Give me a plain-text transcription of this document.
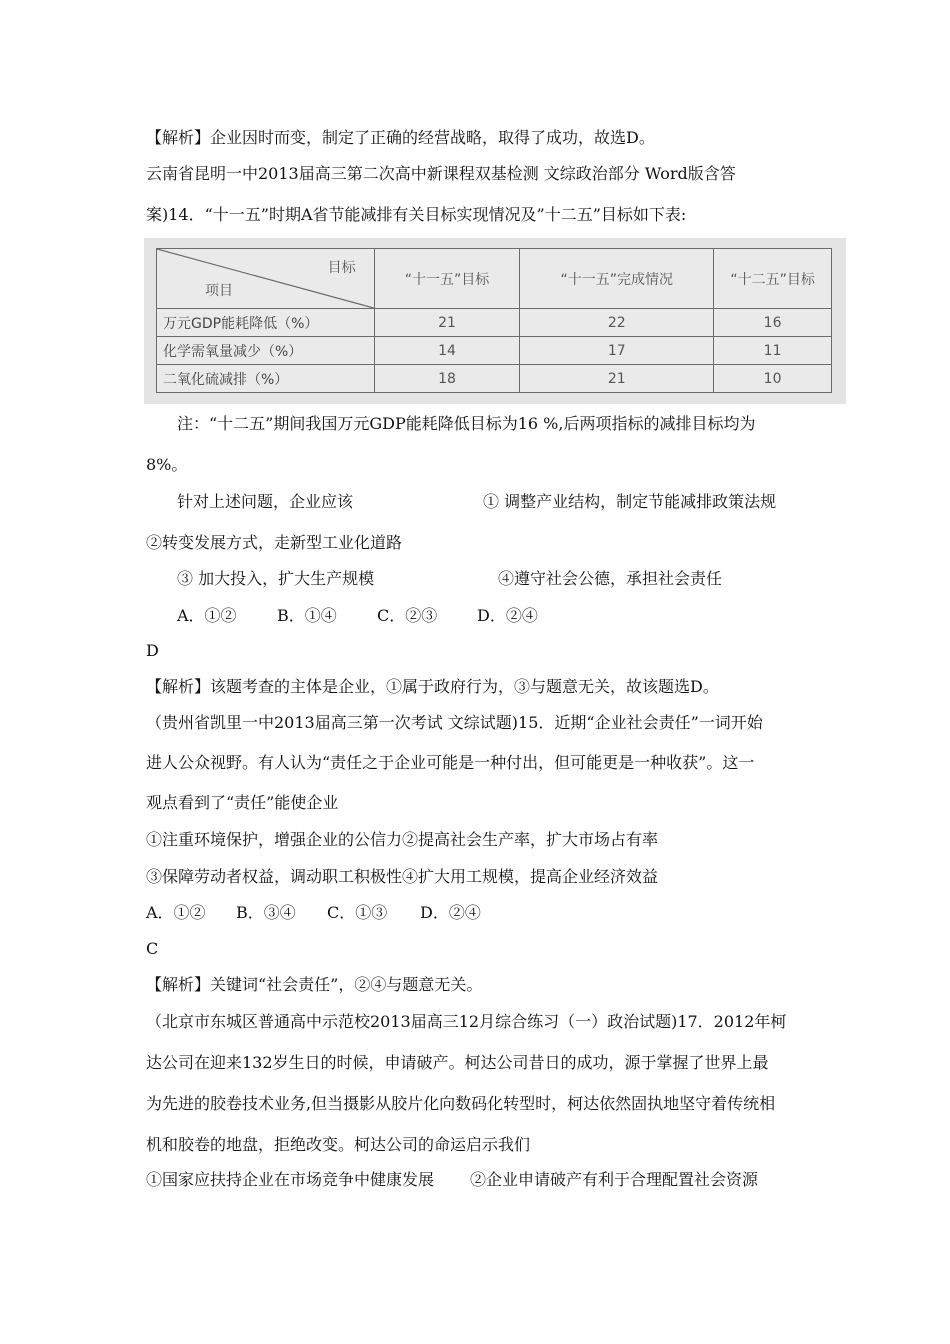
【解析】企业因时而变，制定了正确的经营战略，取得了成功，故选D。
云南省昆明一中2013届高三第二次高中新课程双基检测 文综政治部分 Word版含答
案)14．“十一五”时期A省节能减排有关目标实现情况及”十二五”目标如下表:
目标
项目	“十一五”目标	“十一五”完成情况	“十二五”目标
万元GDP能耗降低（%）	21	22	16
化学需氧量减少（%）	14	17	11
二氧化硫减排（%）	18	21	10
注：“十二五”期间我国万元GDP能耗降低目标为16 %,后两项指标的减排目标均为
8%。
针对上述问题，企业应该	① 调整产业结构，制定节能减排政策法规
②转变发展方式，走新型工业化道路
③ 加大投入，扩大生产规模	④遵守社会公德，承担社会责任
A．①②	B．①④	C．②③ D．②④
D
【解析】该题考查的主体是企业，①属于政府行为，③与题意无关，故该题选D。
（贵州省凯里一中2013届高三第一次考试 文综试题)15．近期“企业社会责任”一词开始
进人公众视野。有人认为“责任之于企业可能是一种付出，但可能更是一种收获”。这一
观点看到了“责任”能使企业
①注重环境保护，增强企业的公信力②提高社会生产率，扩大市场占有率
③保障劳动者权益，调动职工积极性④扩大用工规模，提高企业经济效益
A．①② B．③④ C．①③ D．②④
C
【解析】关键词“社会责任”，②④与题意无关。
（北京市东城区普通高中示范校2013届高三12月综合练习（一）政治试题)17．2012年柯
达公司在迎来132岁生日的时候，申请破产。柯达公司昔日的成功，源于掌握了世界上最
为先进的胶卷技术业务,但当摄影从胶片化向数码化转型时，柯达依然固执地坚守着传统相
机和胶卷的地盘，拒绝改变。柯达公司的命运启示我们
①国家应扶持企业在市场竞争中健康发展 ②企业申请破产有利于合理配置社会资源
